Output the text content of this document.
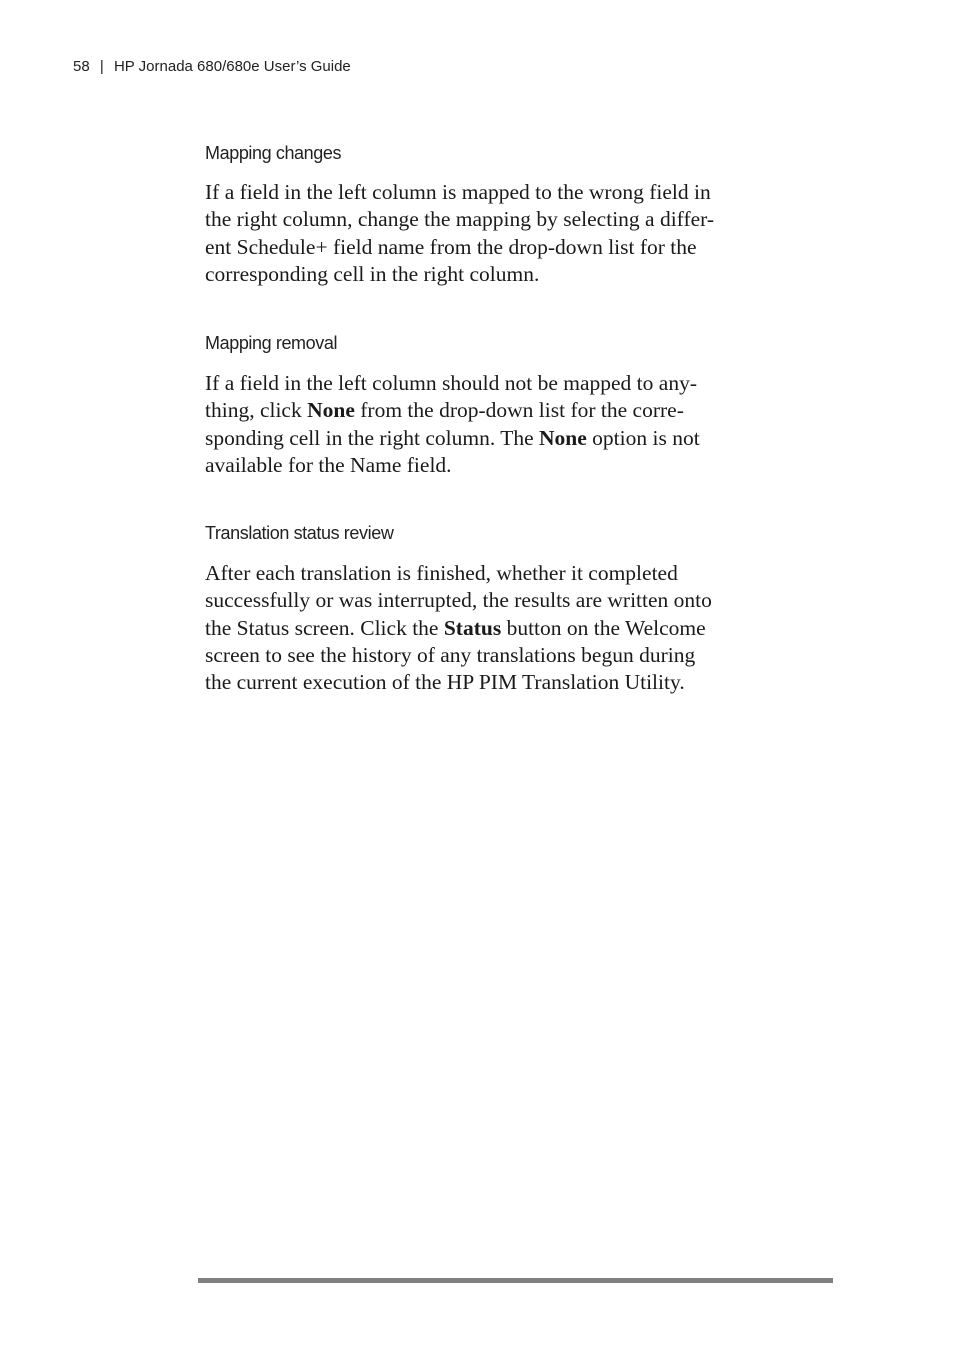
58 | HP Jornada 680/680e User’s Guide
Mapping changes

If a field in the left column is mapped to the wrong field in
the right column, change the mapping by selecting a differ-
ent Schedule+ field name from the drop-down list for the
corresponding cell in the right column.

Mapping removal

If a field in the left column should not be mapped to any-
thing, click None from the drop-down list for the corre-
sponding cell in the right column. The None option is not
available for the Name field.

Translation status review

After each translation is finished, whether it completed
successfully or was interrupted, the results are written onto
the Status screen. Click the Status button on the Welcome
screen to see the history of any translations begun during
the current execution of the HP PIM Translation Utility.
